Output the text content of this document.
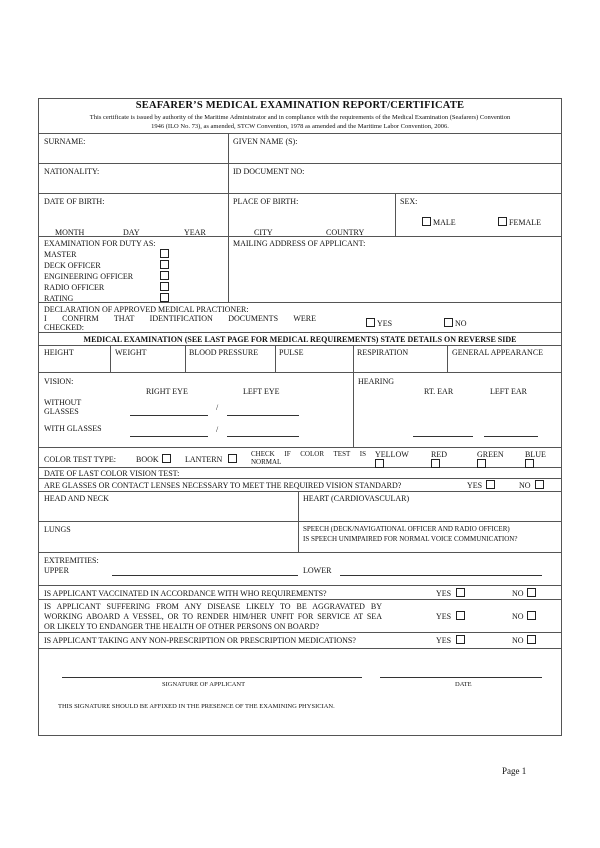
SEAFARER’S MEDICAL EXAMINATION REPORT/CERTIFICATE
This certificate is issued by authority of the Maritime Administrator and in compliance with the requirements of the Medical Examination (Seafarers) Convention
1946 (ILO No. 73), as amended, STCW Convention, 1978 as amended and the Maritime Labor Convention, 2006.
SURNAME:	GIVEN NAME (S):
NATIONALITY:	ID DOCUMENT NO:
DATE OF BIRTH:	PLACE OF BIRTH:	SEX:
MONTH	DAY	YEAR	CITY	COUNTRY
MALE	FEMALE
EXAMINATION FOR DUTY AS:
MASTER
DECK OFFICER
ENGINEERING OFFICER
RADIO OFFICER
RATING
MAILING ADDRESS OF APPLICANT:
DECLARATION OF APPROVED MEDICAL PRACTIONER:
I CONFIRM THAT IDENTIFICATION DOCUMENTS WERE
CHECKED:	YES	NO
MEDICAL EXAMINATION (SEE LAST PAGE FOR MEDICAL REQUIREMENTS) STATE DETAILS ON REVERSE SIDE
HEIGHT	WEIGHT	BLOOD PRESSURE	PULSE	RESPIRATION	GENERAL APPEARANCE
VISION:
RIGHT EYE	LEFT EYE
WITHOUT
GLASSES	/
WITH GLASSES	/
HEARING
RT. EAR	LEFT EAR
COLOR TEST TYPE: BOOK	LANTERN
CHECK IF COLOR TEST IS
NORMAL
YELLOW	RED	GREEN	BLUE
DATE OF LAST COLOR VISION TEST:
ARE GLASSES OR CONTACT LENSES NECESSARY TO MEET THE REQUIRED VISION STANDARD?	YES	NO
HEAD AND NECK	HEART (CARDIOVASCULAR)
LUNGS	SPEECH (DECK/NAVIGATIONAL OFFICER AND RADIO OFFICER)
IS SPEECH UNIMPAIRED FOR NORMAL VOICE COMMUNICATION?
EXTREMITIES:
UPPER	LOWER
IS APPLICANT VACCINATED IN ACCORDANCE WITH WHO REQUIREMENTS?	YES	NO
IS APPLICANT SUFFERING FROM ANY DISEASE LIKELY TO BE AGGRAVATED BY
WORKING ABOARD A VESSEL, OR TO RENDER HIM/HER UNFIT FOR SERVICE AT SEA
OR LIKELY TO ENDANGER THE HEALTH OF OTHER PERSONS ON BOARD?
YES	NO
IS APPLICANT TAKING ANY NON-PRESCRIPTION OR PRESCRIPTION MEDICATIONS?	YES	NO
SIGNATURE OF APPLICANT	DATE
THIS SIGNATURE SHOULD BE AFFIXED IN THE PRESENCE OF THE EXAMINING PHYSICIAN.
Page 1
